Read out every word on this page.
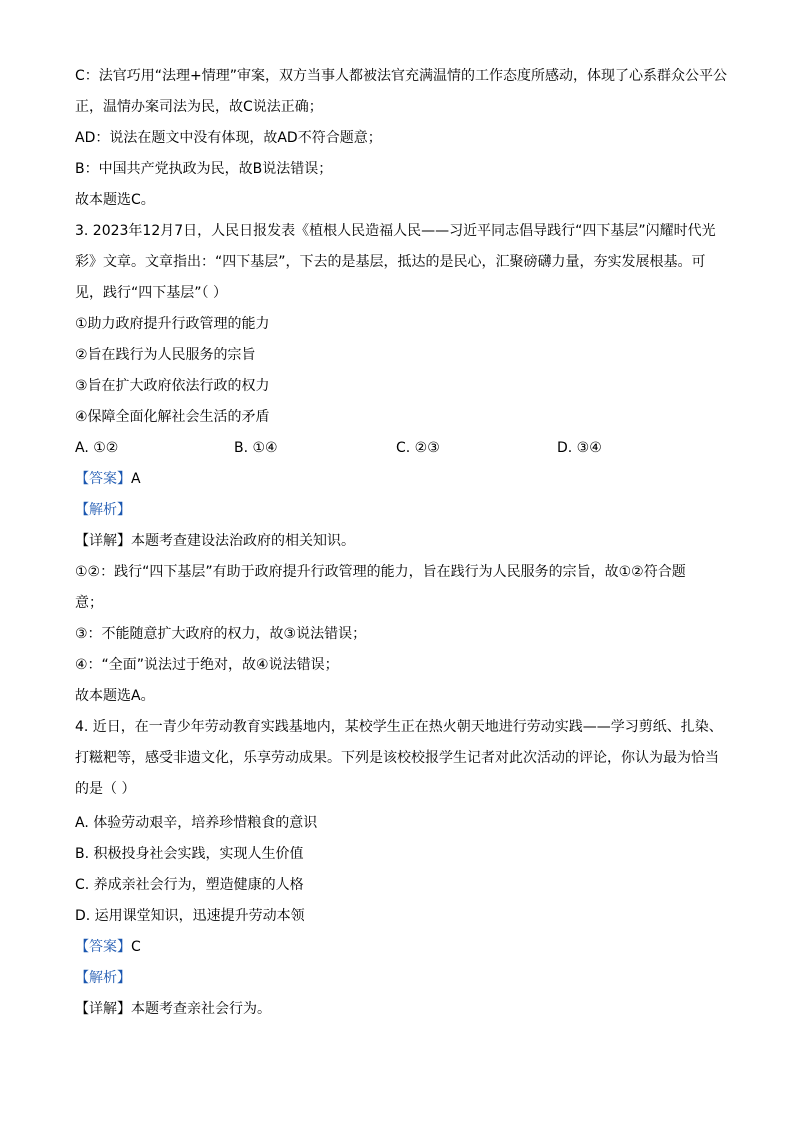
C：法官巧用“法理+情理”审案，双方当事人都被法官充满温情的工作态度所感动，体现了心系群众公平公
正，温情办案司法为民，故C说法正确；
AD：说法在题文中没有体现，故AD不符合题意；
B：中国共产党执政为民，故B说法错误；
故本题选C。
3. 2023年12月7日，人民日报发表《植根人民造福人民——习近平同志倡导践行“四下基层”闪耀时代光
彩》文章。文章指出：“四下基层”，下去的是基层，抵达的是民心，汇聚磅礴力量，夯实发展根基。可
见，践行“四下基层”（ ）
①助力政府提升行政管理的能力
②旨在践行为人民服务的宗旨
③旨在扩大政府依法行政的权力
④保障全面化解社会生活的矛盾
A. ①②	B. ①④	C. ②③	D. ③④
【答案】A
【解析】
【详解】本题考查建设法治政府的相关知识。
①②：践行“四下基层”有助于政府提升行政管理的能力，旨在践行为人民服务的宗旨，故①②符合题
意；
③：不能随意扩大政府的权力，故③说法错误；
④：“全面”说法过于绝对，故④说法错误；
故本题选A。
4. 近日，在一青少年劳动教育实践基地内，某校学生正在热火朝天地进行劳动实践——学习剪纸、扎染、
打糍粑等，感受非遗文化，乐享劳动成果。下列是该校校报学生记者对此次活动的评论，你认为最为恰当
的是（ ）
A. 体验劳动艰辛，培养珍惜粮食的意识
B. 积极投身社会实践，实现人生价值
C. 养成亲社会行为，塑造健康的人格
D. 运用课堂知识，迅速提升劳动本领
【答案】C
【解析】
【详解】本题考查亲社会行为。
